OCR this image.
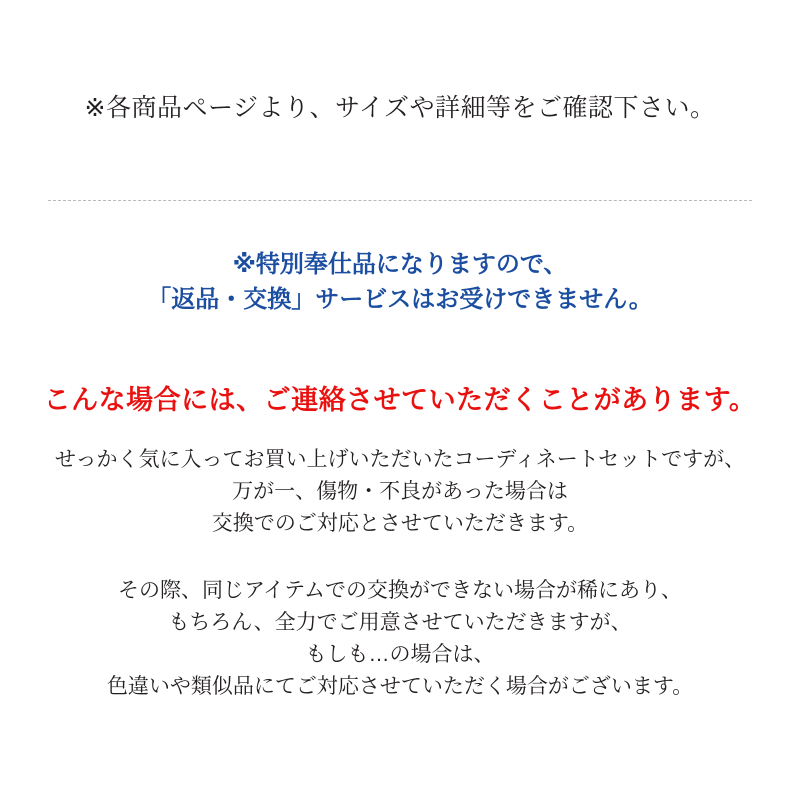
※各商品ページより、サイズや詳細等をご確認下さい。
※特別奉仕品になりますので、
「返品・交換」サービスはお受けできません。
こんな場合には、ご連絡させていただくことがあります。
せっかく気に入ってお買い上げいただいたコーディネートセットですが、
万が一、傷物・不良があった場合は
交換でのご対応とさせていただきます。
その際、同じアイテムでの交換ができない場合が稀にあり、
もちろん、全力でご用意させていただきますが、
もしも…の場合は、
色違いや類似品にてご対応させていただく場合がございます。
